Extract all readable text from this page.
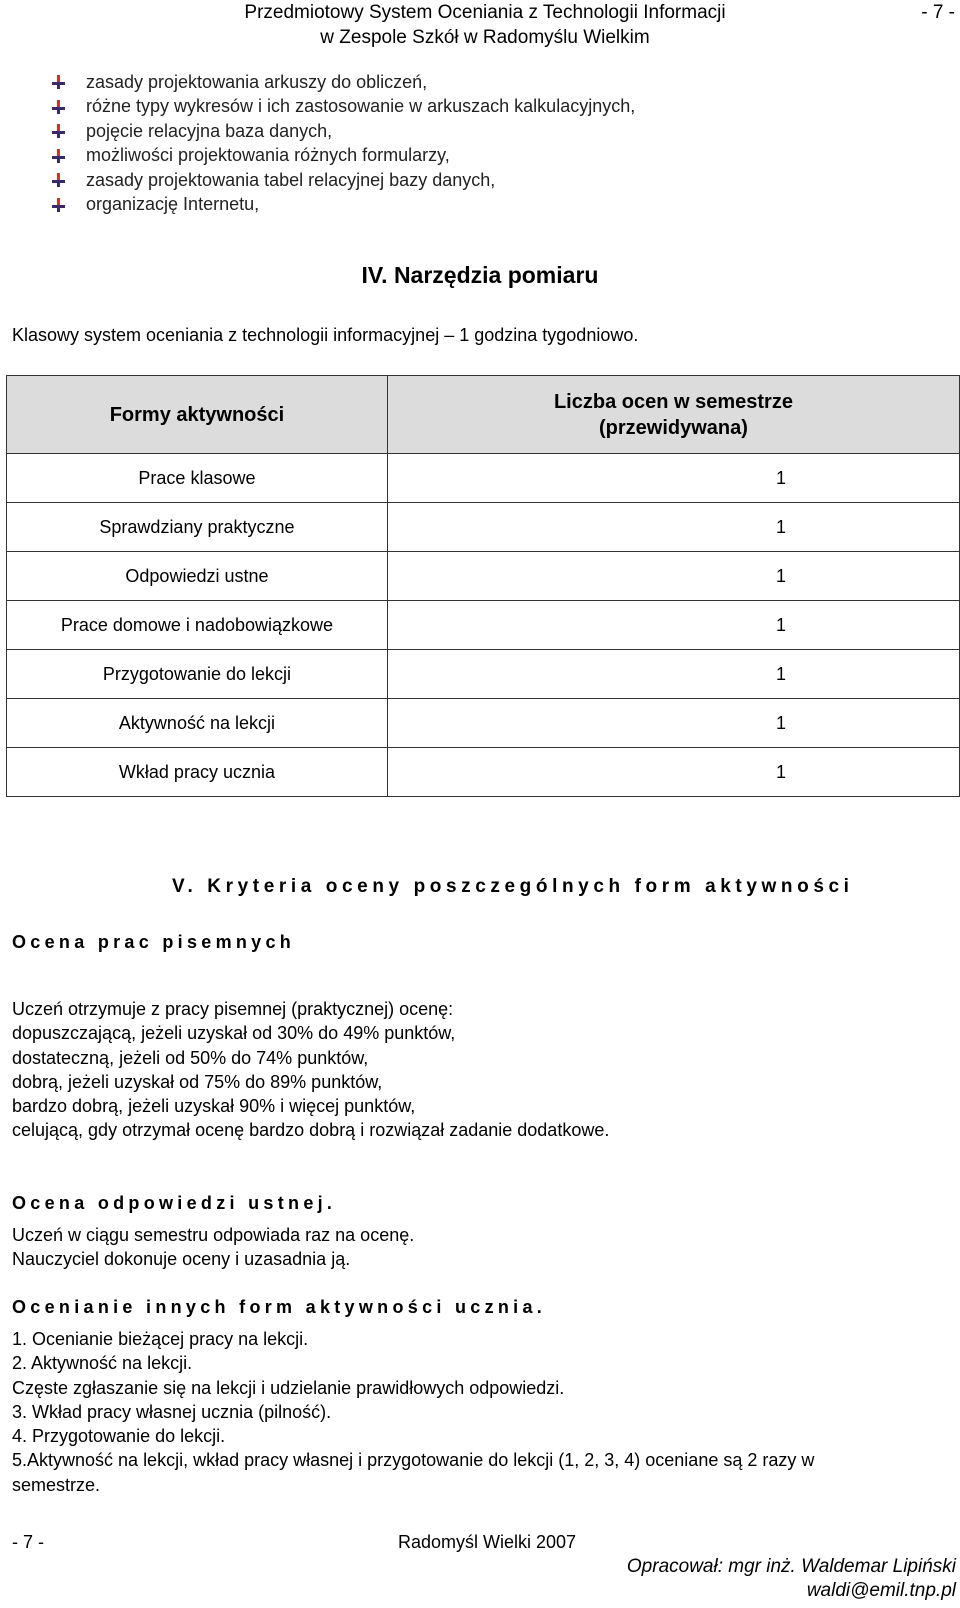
Przedmiotowy System Oceniania z Technologii Informacji
w Zespole Szkół w Radomyślu Wielkim
- 7 -
zasady projektowania arkuszy do obliczeń,
różne typy wykresów i ich zastosowanie w arkuszach kalkulacyjnych,
pojęcie relacyjna baza danych,
możliwości projektowania różnych formularzy,
zasady projektowania tabel relacyjnej bazy danych,
organizację Internetu,
IV. Narzędzia pomiaru
Klasowy system oceniania z technologii informacyjnej – 1 godzina tygodniowo.
Formy aktywności	Liczba ocen w semestrze
(przewidywana)

Prace klasowe	1
Sprawdziany praktyczne	1
Odpowiedzi ustne	1
Prace domowe i nadobowiązkowe	1
Przygotowanie do lekcji	1
Aktywność na lekcji	1
Wkład pracy ucznia	1
V. Kryteria oceny poszczególnych form aktywności
Ocena prac pisemnych
Uczeń otrzymuje z pracy pisemnej (praktycznej) ocenę:
dopuszczającą, jeżeli uzyskał od 30% do 49% punktów,
dostateczną, jeżeli od 50% do 74% punktów,
dobrą, jeżeli uzyskał od 75% do 89% punktów,
bardzo dobrą, jeżeli uzyskał 90% i więcej punktów,
celującą, gdy otrzymał ocenę bardzo dobrą i rozwiązał zadanie dodatkowe.
Ocena odpowiedzi ustnej.
Uczeń w ciągu semestru odpowiada raz na ocenę.
Nauczyciel dokonuje oceny i uzasadnia ją.
Ocenianie innych form aktywności ucznia.
1. Ocenianie bieżącej pracy na lekcji.
2. Aktywność na lekcji.
Częste zgłaszanie się na lekcji i udzielanie prawidłowych odpowiedzi.
3. Wkład pracy własnej ucznia (pilność).
4. Przygotowanie do lekcji.
5.Aktywność na lekcji, wkład pracy własnej i przygotowanie do lekcji (1, 2, 3, 4) oceniane są 2 razy w
semestrze.
- 7 -	Radomyśl Wielki 2007
Opracował: mgr inż. Waldemar Lipiński
waldi@emil.tnp.pl
